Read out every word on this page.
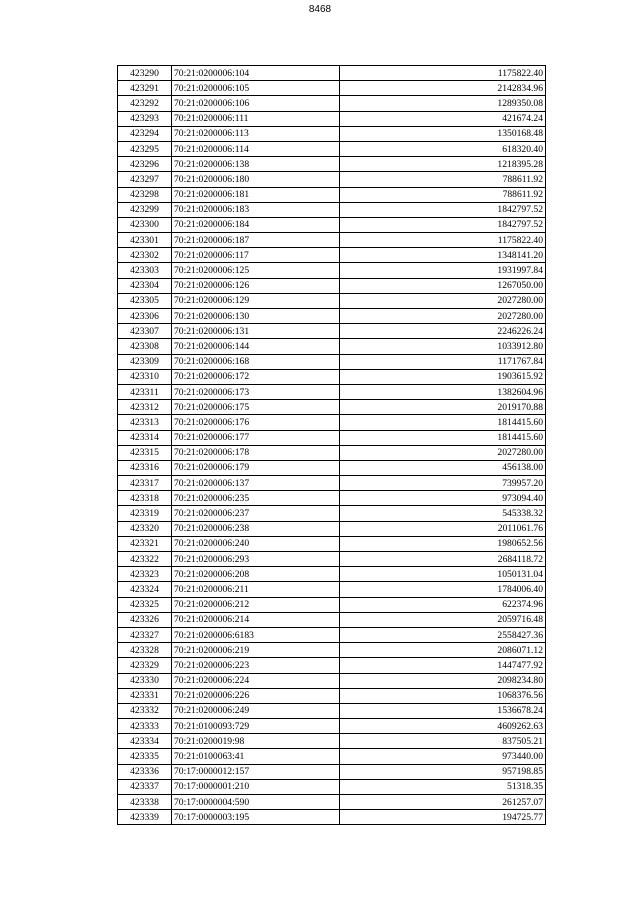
8468
423290	70:21:0200006:104	1175822.40
423291	70:21:0200006:105	2142834.96
423292	70:21:0200006:106	1289350.08
423293	70:21:0200006:111	421674.24
423294	70:21:0200006:113	1350168.48
423295	70:21:0200006:114	618320.40
423296	70:21:0200006:138	1218395.28
423297	70:21:0200006:180	788611.92
423298	70:21:0200006:181	788611.92
423299	70:21:0200006:183	1842797.52
423300	70:21:0200006:184	1842797.52
423301	70:21:0200006:187	1175822.40
423302	70:21:0200006:117	1348141.20
423303	70:21:0200006:125	1931997.84
423304	70:21:0200006:126	1267050.00
423305	70:21:0200006:129	2027280.00
423306	70:21:0200006:130	2027280.00
423307	70:21:0200006:131	2246226.24
423308	70:21:0200006:144	1033912.80
423309	70:21:0200006:168	1171767.84
423310	70:21:0200006:172	1903615.92
423311	70:21:0200006:173	1382604.96
423312	70:21:0200006:175	2019170.88
423313	70:21:0200006:176	1814415.60
423314	70:21:0200006:177	1814415.60
423315	70:21:0200006:178	2027280.00
423316	70:21:0200006:179	456138.00
423317	70:21:0200006:137	739957.20
423318	70:21:0200006:235	973094.40
423319	70:21:0200006:237	545338.32
423320	70:21:0200006:238	2011061.76
423321	70:21:0200006:240	1980652.56
423322	70:21:0200006:293	2684118.72
423323	70:21:0200006:208	1050131.04
423324	70:21:0200006:211	1784006.40
423325	70:21:0200006:212	622374.96
423326	70:21:0200006:214	2059716.48
423327	70:21:0200006:6183	2558427.36
423328	70:21:0200006:219	2086071.12
423329	70:21:0200006:223	1447477.92
423330	70:21:0200006:224	2098234.80
423331	70:21:0200006:226	1068376.56
423332	70:21:0200006:249	1536678.24
423333	70:21:0100093:729	4609262.63
423334	70:21:0200019:98	837505.21
423335	70:21:0100063:41	973440.00
423336	70:17:0000012:157	957198.85
423337	70:17:0000001:210	51318.35
423338	70:17:0000004:590	261257.07
423339	70:17:0000003:195	194725.77
